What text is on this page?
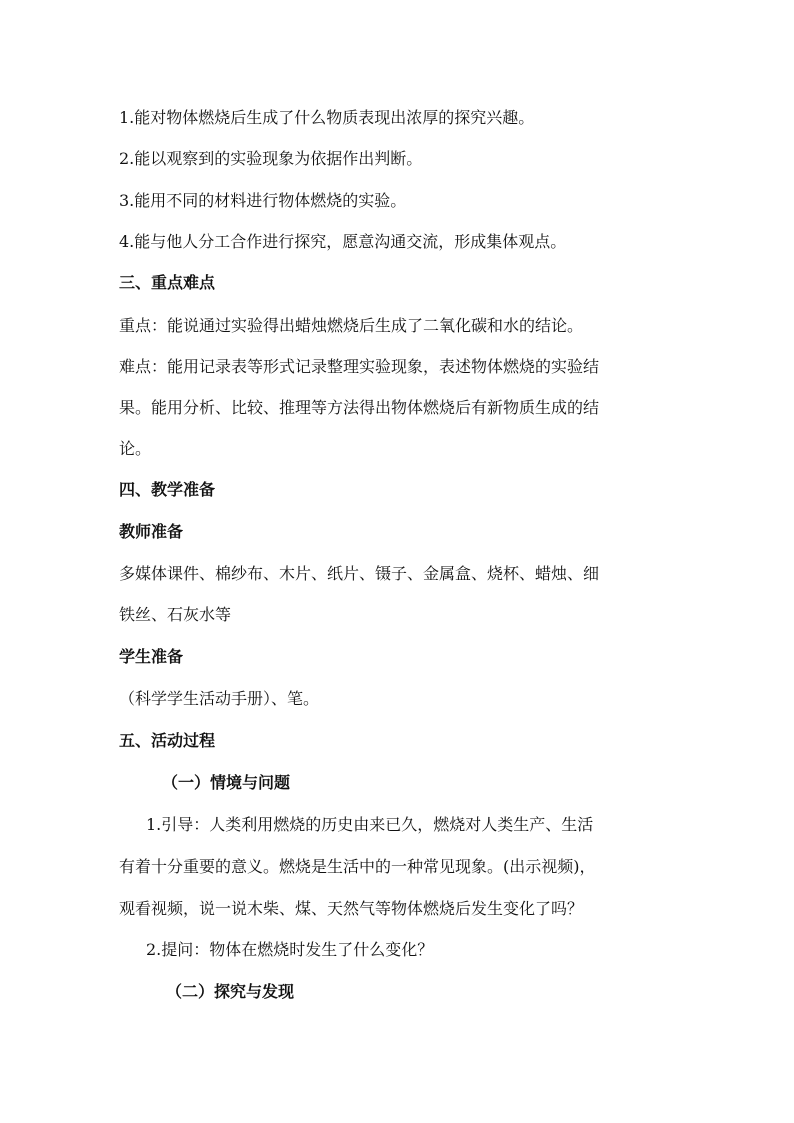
1.能对物体燃烧后生成了什么物质表现出浓厚的探究兴趣。
2.能以观察到的实验现象为依据作出判断。
3.能用不同的材料进行物体燃烧的实验。
4.能与他人分工合作进行探究，愿意沟通交流，形成集体观点。
三、重点难点
重点：能说通过实验得出蜡烛燃烧后生成了二氧化碳和水的结论。
难点：能用记录表等形式记录整理实验现象，表述物体燃烧的实验结
果。能用分析、比较、推理等方法得出物体燃烧后有新物质生成的结
论。
四、教学准备
教师准备
多媒体课件、棉纱布、木片、纸片、镊子、金属盒、烧杯、蜡烛、细
铁丝、石灰水等
学生准备
（科学学生活动手册）、笔。
五、活动过程
（一）情境与问题
1.引导：人类利用燃烧的历史由来已久，燃烧对人类生产、生活
有着十分重要的意义。燃烧是生活中的一种常见现象。(出示视频)，
观看视频，说一说木柴、煤、天然气等物体燃烧后发生变化了吗？
2.提问：物体在燃烧时发生了什么变化？
（二）探究与发现
